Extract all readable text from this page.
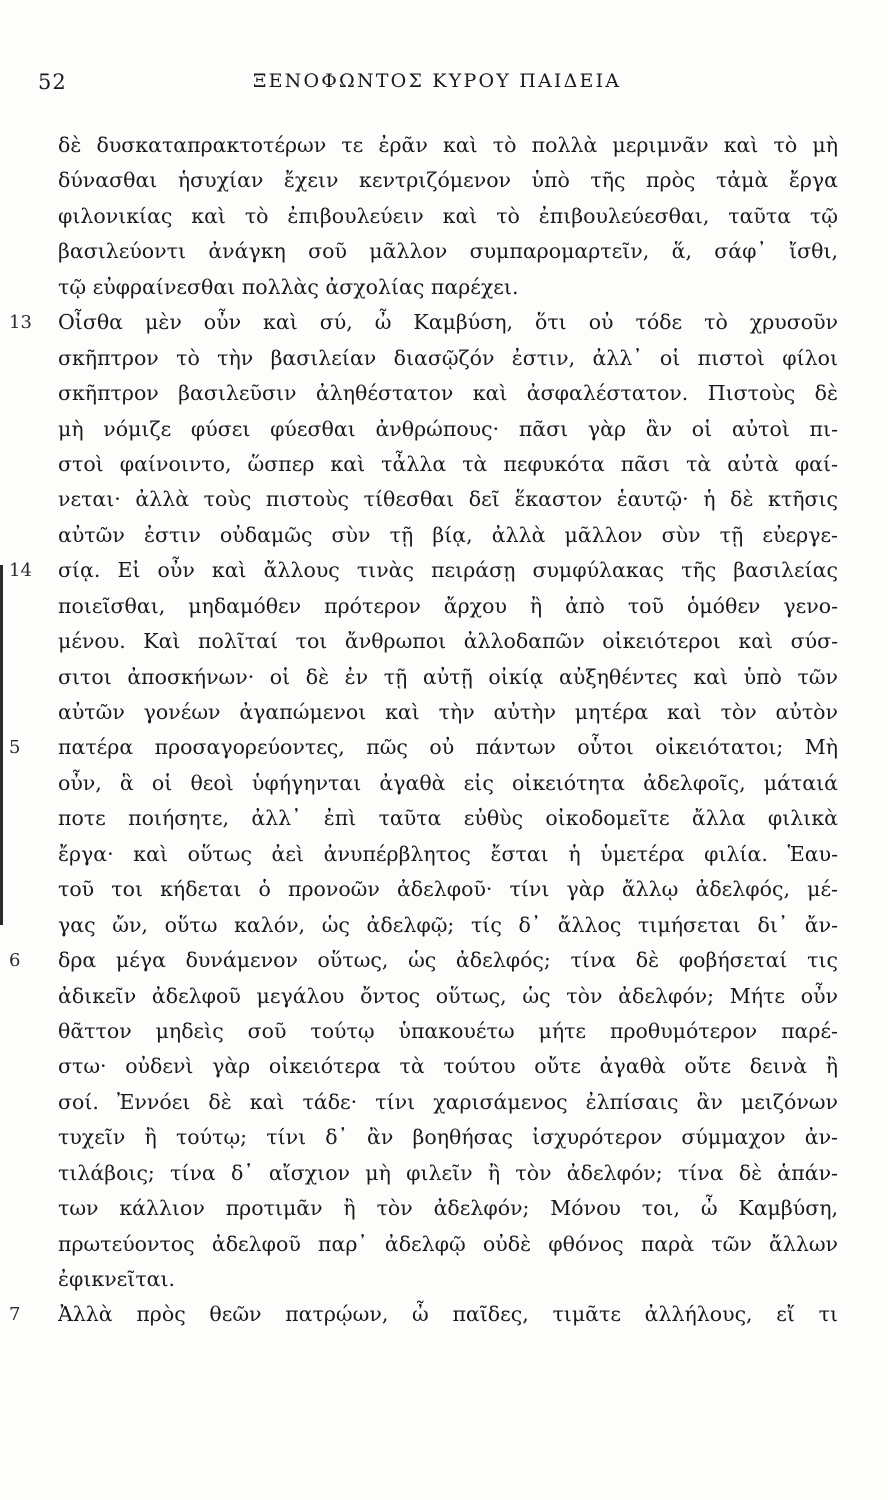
52	ΞΕΝΟΦΩΝΤΟΣ ΚΥΡΟΥ ΠΑΙΔΕΙΑ
δὲ δυσκαταπρακτοτέρων τε ἐρᾶν καὶ τὸ πολλὰ μεριμνᾶν καὶ τὸ μὴ
δύνασθαι ἡσυχίαν ἔχειν κεντριζόμενον ὑπὸ τῆς πρὸς τἀμὰ ἔργα
φιλονικίας καὶ τὸ ἐπιβουλεύειν καὶ τὸ ἐπιβουλεύεσθαι, ταῦτα τῷ
βασιλεύοντι ἀνάγκη σοῦ μᾶλλον συμπαρομαρτεῖν, ἅ, σάφ᾽ ἴσθι,
τῷ εὐφραίνεσθαι πολλὰς ἀσχολίας παρέχει.
13	Οἶσθα μὲν οὖν καὶ σύ, ὦ Καμβύση, ὅτι οὐ τόδε τὸ χρυσοῦν
σκῆπτρον τὸ τὴν βασιλείαν διασῷζόν ἐστιν, ἀλλ᾽ οἱ πιστοὶ φίλοι
σκῆπτρον βασιλεῦσιν ἀληθέστατον καὶ ἀσφαλέστατον. Πιστοὺς δὲ
μὴ νόμιζε φύσει φύεσθαι ἀνθρώπους· πᾶσι γὰρ ἂν οἱ αὐτοὶ πι-
στοὶ φαίνοιντο, ὥσπερ καὶ τἆλλα τὰ πεφυκότα πᾶσι τὰ αὐτὰ φαί-
νεται· ἀλλὰ τοὺς πιστοὺς τίθεσθαι δεῖ ἕκαστον ἑαυτῷ· ἡ δὲ κτῆσις
αὐτῶν ἐστιν οὐδαμῶς σὺν τῇ βίᾳ, ἀλλὰ μᾶλλον σὺν τῇ εὐεργε-
14	σίᾳ. Εἰ οὖν καὶ ἄλλους τινὰς πειράσῃ συμφύλακας τῆς βασιλείας
ποιεῖσθαι, μηδαμόθεν πρότερον ἄρχου ἢ ἀπὸ τοῦ ὁμόθεν γενο-
μένου. Καὶ πολῖταί τοι ἄνθρωποι ἀλλοδαπῶν οἰκειότεροι καὶ σύσ-
σιτοι ἀποσκήνων· οἱ δὲ ἐν τῇ αὐτῇ οἰκίᾳ αὐξηθέντες καὶ ὑπὸ τῶν
αὐτῶν γονέων ἀγαπώμενοι καὶ τὴν αὐτὴν μητέρα καὶ τὸν αὐτὸν
5	πατέρα προσαγορεύοντες, πῶς οὐ πάντων οὗτοι οἰκειότατοι; Μὴ
οὖν, ἃ οἱ θεοὶ ὑφήγηνται ἀγαθὰ εἰς οἰκειότητα ἀδελφοῖς, μάταιά
ποτε ποιήσητε, ἀλλ᾽ ἐπὶ ταῦτα εὐθὺς οἰκοδομεῖτε ἄλλα φιλικὰ
ἔργα· καὶ οὕτως ἀεὶ ἀνυπέρβλητος ἔσται ἡ ὑμετέρα φιλία. Ἑαυ-
τοῦ τοι κήδεται ὁ προνοῶν ἀδελφοῦ· τίνι γὰρ ἄλλῳ ἀδελφός, μέ-
γας ὤν, οὕτω καλόν, ὡς ἀδελφῷ; τίς δ᾽ ἄλλος τιμήσεται δι᾽ ἄν-
6	δρα μέγα δυνάμενον οὕτως, ὡς ἀδελφός; τίνα δὲ φοβήσεταί τις
ἀδικεῖν ἀδελφοῦ μεγάλου ὄντος οὕτως, ὡς τὸν ἀδελφόν; Μήτε οὖν
θᾶττον μηδεὶς σοῦ τούτῳ ὑπακουέτω μήτε προθυμότερον παρέ-
στω· οὐδενὶ γὰρ οἰκειότερα τὰ τούτου οὔτε ἀγαθὰ οὔτε δεινὰ ἢ
σοί. Ἐννόει δὲ καὶ τάδε· τίνι χαρισάμενος ἐλπίσαις ἂν μειζόνων
τυχεῖν ἢ τούτῳ; τίνι δ᾽ ἂν βοηθήσας ἰσχυρότερον σύμμαχον ἀν-
τιλάβοις; τίνα δ᾽ αἴσχιον μὴ φιλεῖν ἢ τὸν ἀδελφόν; τίνα δὲ ἁπάν-
των κάλλιον προτιμᾶν ἢ τὸν ἀδελφόν; Μόνου τοι, ὦ Καμβύση,
πρωτεύοντος ἀδελφοῦ παρ᾽ ἀδελφῷ οὐδὲ φθόνος παρὰ τῶν ἄλλων
ἐφικνεῖται.
7	Ἀλλὰ πρὸς θεῶν πατρῴων, ὦ παῖδες, τιμᾶτε ἀλλήλους, εἴ τι
